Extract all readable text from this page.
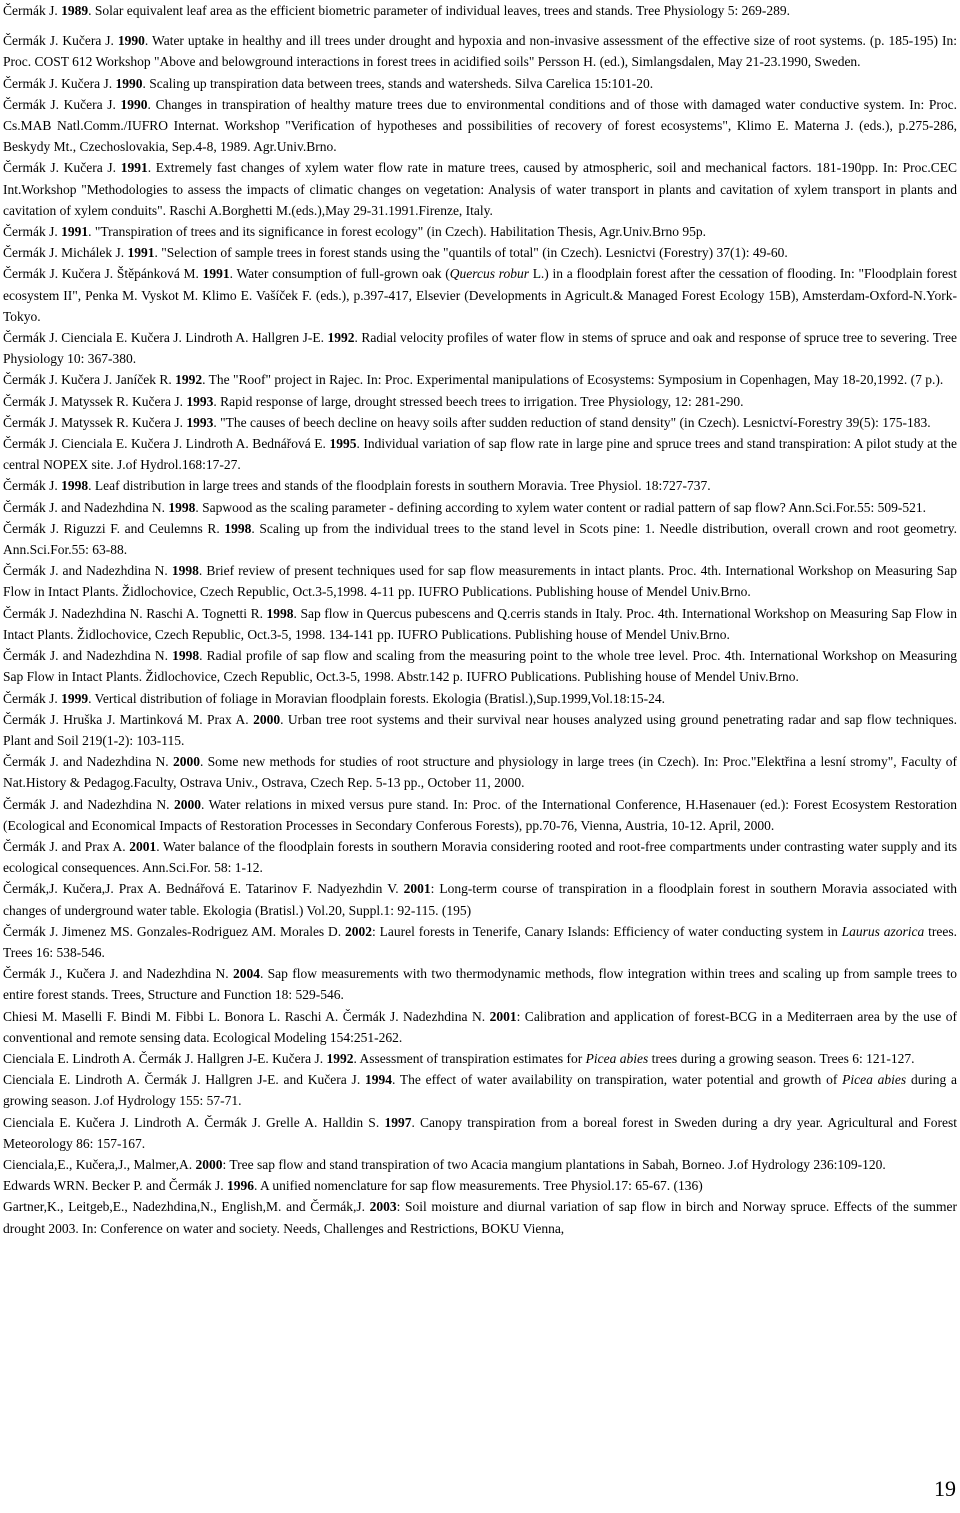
Čermák J. 1989. Solar equivalent leaf area as the efficient biometric parameter of individual leaves, trees and stands. Tree Physiology 5: 269-289.

Čermák J. Kučera J. 1990. Water uptake in healthy and ill trees under drought and hypoxia and non-invasive assessment of the effective size of root systems. (p. 185-195) In: Proc. COST 612 Workshop "Above and belowground interactions in forest trees in acidified soils" Persson H. (ed.), Simlangsdalen, May 21-23.1990, Sweden.

Čermák J. Kučera J. 1990. Scaling up transpiration data between trees, stands and watersheds. Silva Carelica 15:101-20.

Čermák J. Kučera J. 1990. Changes in transpiration of healthy mature trees due to environmental conditions and of those with damaged water conductive system. In: Proc. Cs.MAB Natl.Comm./IUFRO Internat. Workshop "Verification of hypotheses and possibilities of recovery of forest ecosystems", Klimo E. Materna J. (eds.), p.275-286, Beskydy Mt., Czechoslovakia, Sep.4-8, 1989. Agr.Univ.Brno.

Čermák J. Kučera J. 1991. Extremely fast changes of xylem water flow rate in mature trees, caused by atmospheric, soil and mechanical factors. 181-190pp. In: Proc.CEC Int.Workshop "Methodologies to assess the impacts of climatic changes on vegetation: Analysis of water transport in plants and cavitation of xylem transport in plants and cavitation of xylem conduits". Raschi A.Borghetti M.(eds.),May 29-31.1991.Firenze, Italy.

Čermák J. 1991. "Transpiration of trees and its significance in forest ecology" (in Czech). Habilitation Thesis, Agr.Univ.Brno 95p.

Čermák J. Michálek J. 1991. "Selection of sample trees in forest stands using the "quantils of total" (in Czech). Lesnictvi (Forestry) 37(1): 49-60.

Čermák J. Kučera J. Štěpánková M. 1991. Water consumption of full-grown oak (Quercus robur L.) in a floodplain forest after the cessation of flooding. In: "Floodplain forest ecosystem II", Penka M. Vyskot M. Klimo E. Vašíček F. (eds.), p.397-417, Elsevier (Developments in Agricult.& Managed Forest Ecology 15B), Amsterdam-Oxford-N.York-Tokyo.

Čermák J. Cienciala E. Kučera J. Lindroth A. Hallgren J-E. 1992. Radial velocity profiles of water flow in stems of spruce and oak and response of spruce tree to severing. Tree Physiology 10: 367-380.

Čermák J. Kučera J. Janíček R. 1992. The "Roof" project in Rajec. In: Proc. Experimental manipulations of Ecosystems: Symposium in Copenhagen, May 18-20,1992. (7 p.).

Čermák J. Matyssek R. Kučera J. 1993. Rapid response of large, drought stressed beech trees to irrigation. Tree Physiology, 12: 281-290.

Čermák J. Matyssek R. Kučera J. 1993. "The causes of beech decline on heavy soils after sudden reduction of stand density" (in Czech). Lesnictví-Forestry 39(5): 175-183.

Čermák J. Cienciala E. Kučera J. Lindroth A. Bednářová E. 1995. Individual variation of sap flow rate in large pine and spruce trees and stand transpiration: A pilot study at the central NOPEX site. J.of Hydrol.168:17-27.

Čermák J. 1998. Leaf distribution in large trees and stands of the floodplain forests in southern Moravia. Tree Physiol. 18:727-737.

Čermák J. and Nadezhdina N. 1998. Sapwood as the scaling parameter - defining according to xylem water content or radial pattern of sap flow? Ann.Sci.For.55: 509-521.

Čermák J. Riguzzi F. and Ceulemns R. 1998. Scaling up from the individual trees to the stand level in Scots pine: 1. Needle distribution, overall crown and root geometry. Ann.Sci.For.55: 63-88.

Čermák J. and Nadezhdina N. 1998. Brief review of present techniques used for sap flow measurements in intact plants. Proc. 4th. International Workshop on Measuring Sap Flow in Intact Plants. Židlochovice, Czech Republic, Oct.3-5,1998. 4-11 pp. IUFRO Publications. Publishing house of Mendel Univ.Brno.

Čermák J. Nadezhdina N. Raschi A. Tognetti R. 1998. Sap flow in Quercus pubescens and Q.cerris stands in Italy. Proc. 4th. International Workshop on Measuring Sap Flow in Intact Plants. Židlochovice, Czech Republic, Oct.3-5, 1998. 134-141 pp. IUFRO Publications. Publishing house of Mendel Univ.Brno.

Čermák J. and Nadezhdina N. 1998. Radial profile of sap flow and scaling from the measuring point to the whole tree level. Proc. 4th. International Workshop on Measuring Sap Flow in Intact Plants. Židlochovice, Czech Republic, Oct.3-5, 1998. Abstr.142 p. IUFRO Publications. Publishing house of Mendel Univ.Brno.

Čermák J. 1999. Vertical distribution of foliage in Moravian floodplain forests. Ekologia (Bratisl.),Sup.1999,Vol.18:15-24.

Čermák J. Hruška J. Martinková M. Prax A. 2000. Urban tree root systems and their survival near houses analyzed using ground penetrating radar and sap flow techniques. Plant and Soil 219(1-2): 103-115.

Čermák J. and Nadezhdina N. 2000. Some new methods for studies of root structure and physiology in large trees (in Czech). In: Proc."Elektřina a lesní stromy", Faculty of Nat.History & Pedagog.Faculty, Ostrava Univ., Ostrava, Czech Rep. 5-13 pp., October 11, 2000.

Čermák J. and Nadezhdina N. 2000. Water relations in mixed versus pure stand. In: Proc. of the International Conference, H.Hasenauer (ed.): Forest Ecosystem Restoration (Ecological and Economical Impacts of Restoration Processes in Secondary Conferous Forests), pp.70-76, Vienna, Austria, 10-12. April, 2000.

Čermák J. and Prax A. 2001. Water balance of the floodplain forests in southern Moravia considering rooted and root-free compartments under contrasting water supply and its ecological consequences. Ann.Sci.For. 58: 1-12.

Čermák,J. Kučera,J. Prax A. Bednářová E. Tatarinov F. Nadyezhdin V. 2001: Long-term course of transpiration in a floodplain forest in southern Moravia associated with changes of underground water table. Ekologia (Bratisl.) Vol.20, Suppl.1: 92-115. (195)

Čermák J. Jimenez MS. Gonzales-Rodriguez AM. Morales D. 2002: Laurel forests in Tenerife, Canary Islands: Efficiency of water conducting system in Laurus azorica trees. Trees 16: 538-546.

Čermák J., Kučera J. and Nadezhdina N. 2004. Sap flow measurements with two thermodynamic methods, flow integration within trees and scaling up from sample trees to entire forest stands. Trees, Structure and Function 18: 529-546.

Chiesi M. Maselli F. Bindi M. Fibbi L. Bonora L. Raschi A. Čermák J. Nadezhdina N. 2001: Calibration and application of forest-BCG in a Mediterraen area by the use of conventional and remote sensing data. Ecological Modeling 154:251-262.

Cienciala E. Lindroth A. Čermák J. Hallgren J-E. Kučera J. 1992. Assessment of transpiration estimates for Picea abies trees during a growing season. Trees 6: 121-127.

Cienciala E. Lindroth A. Čermák J. Hallgren J-E. and Kučera J. 1994. The effect of water availability on transpiration, water potential and growth of Picea abies during a growing season. J.of Hydrology 155: 57-71.

Cienciala E. Kučera J. Lindroth A. Čermák J. Grelle A. Halldin S. 1997. Canopy transpiration from a boreal forest in Sweden during a dry year. Agricultural and Forest Meteorology 86: 157-167.

Cienciala,E., Kučera,J., Malmer,A. 2000: Tree sap flow and stand transpiration of two Acacia mangium plantations in Sabah, Borneo. J.of Hydrology 236:109-120.

Edwards WRN. Becker P. and Čermák J. 1996. A unified nomenclature for sap flow measurements. Tree Physiol.17: 65-67. (136)

Gartner,K., Leitgeb,E., Nadezhdina,N., English,M. and Čermák,J. 2003: Soil moisture and diurnal variation of sap flow in birch and Norway spruce. Effects of the summer drought 2003. In: Conference on water and society. Needs, Challenges and Restrictions, BOKU Vienna,

19
